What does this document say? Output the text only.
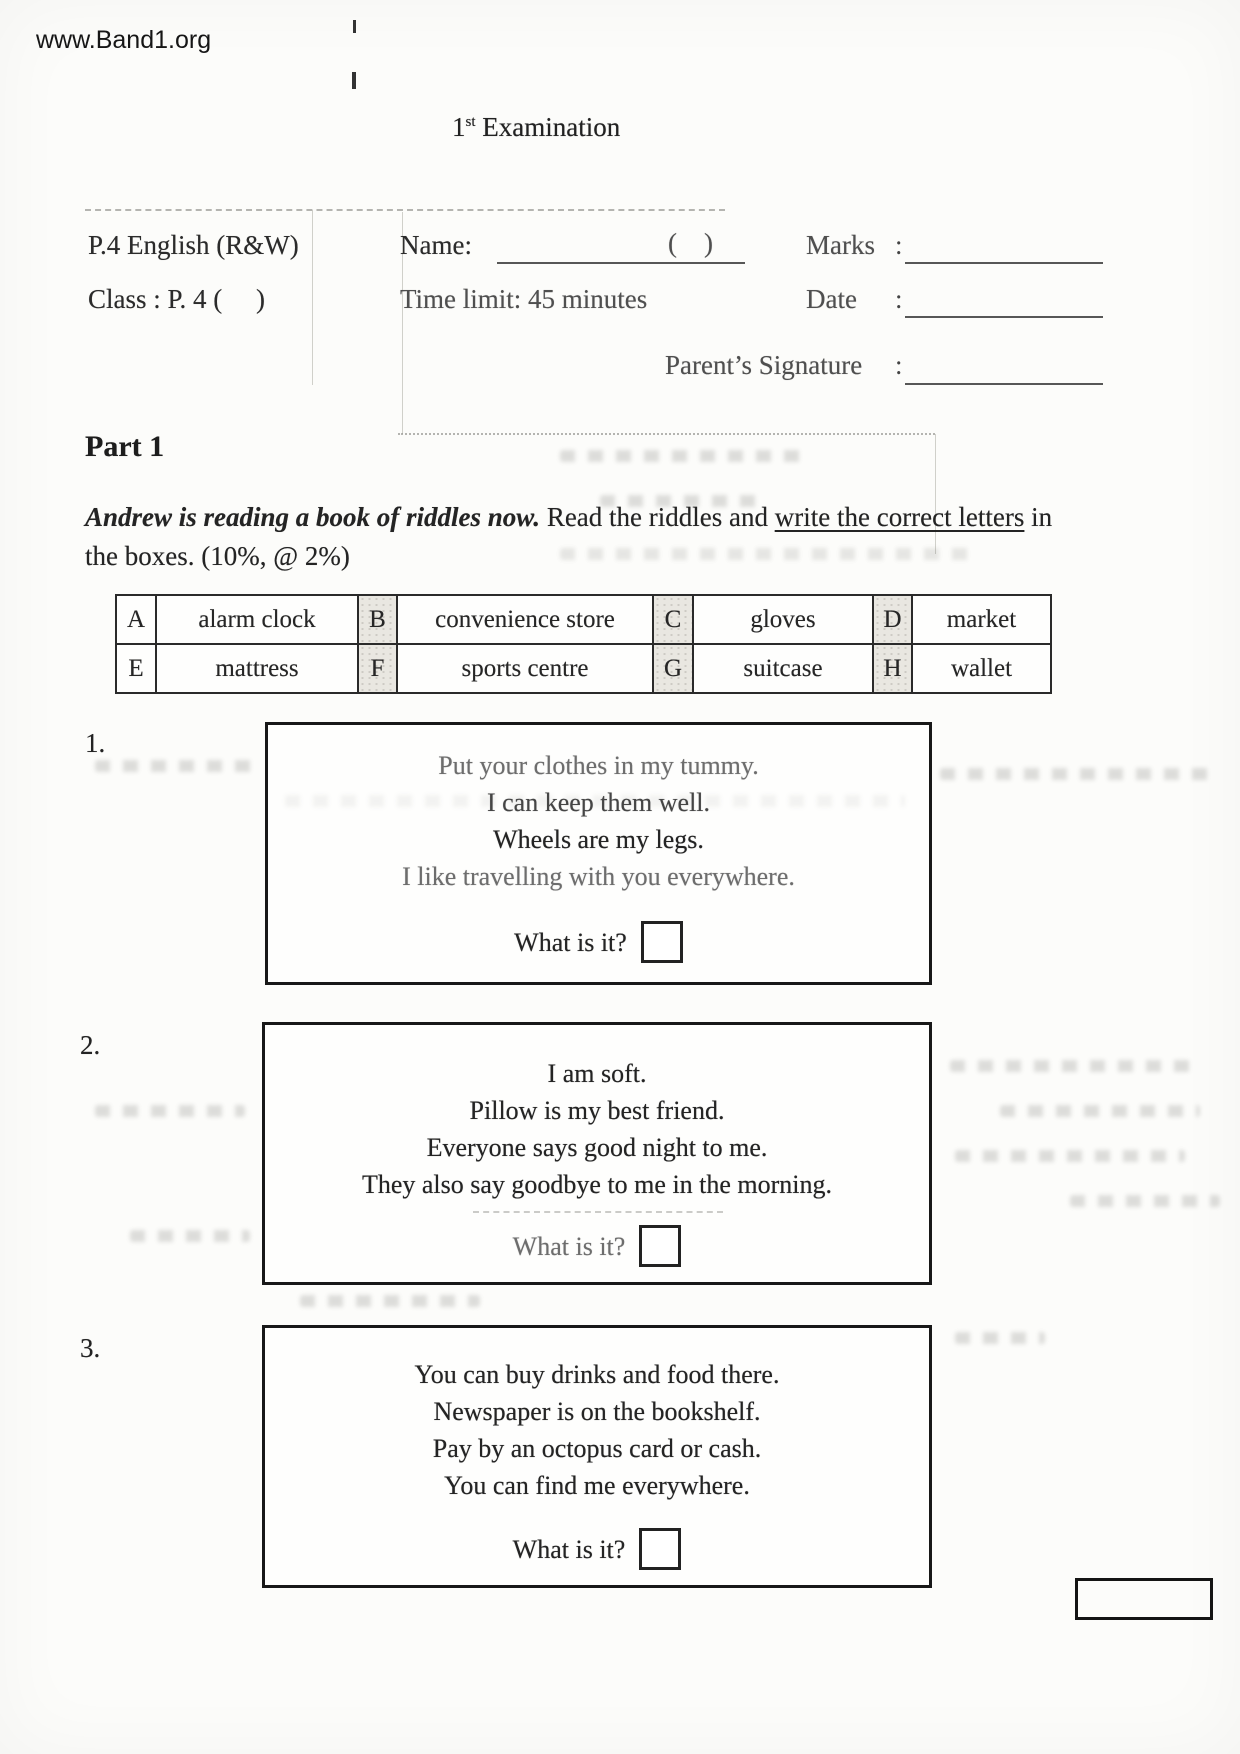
www.Band1.org
1st Examination
P.4 English (R&W)	Name:	(    )	Marks :
Class : P. 4 (     )	Time limit: 45 minutes	Date :
Parent’s Signature :
Part 1
Andrew is reading a book of riddles now. Read the riddles and write the correct letters in the boxes. (10%, @ 2%)
A	alarm clock	B	convenience store	C	gloves	D	market
E	mattress	F	sports centre	G	suitcase	H	wallet
1.
Put your clothes in my tummy.
I can keep them well.
Wheels are my legs.
I like travelling with you everywhere.
What is it?
2.
I am soft.
Pillow is my best friend.
Everyone says good night to me.
They also say goodbye to me in the morning.
What is it?
3.
You can buy drinks and food there.
Newspaper is on the bookshelf.
Pay by an octopus card or cash.
You can find me everywhere.
What is it?
